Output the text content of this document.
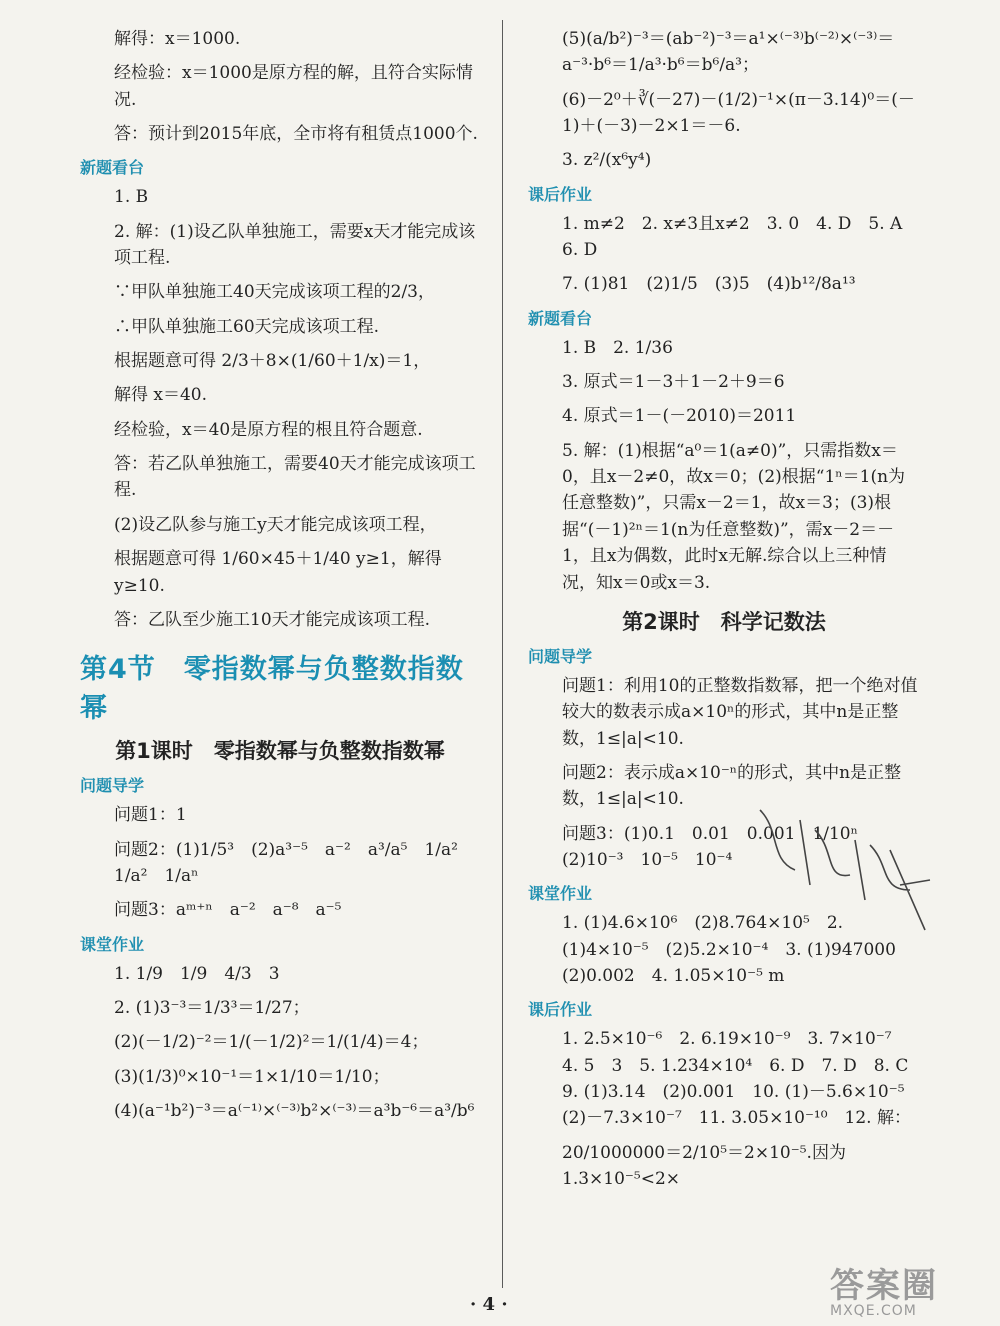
解得：x＝1000.
经检验：x＝1000是原方程的解，且符合实际情况.
答：预计到2015年底，全市将有租赁点1000个.
新题看台
1. B
2. 解：(1)设乙队单独施工，需要x天才能完成该项工程.
∵甲队单独施工40天完成该项工程的2/3，
∴甲队单独施工60天完成该项工程.
根据题意可得 2/3＋8×(1/60＋1/x)＝1，
解得 x＝40.
经检验，x＝40是原方程的根且符合题意.
答：若乙队单独施工，需要40天才能完成该项工程.
(2)设乙队参与施工y天才能完成该项工程，
根据题意可得 1/60×45＋1/40 y≥1，解得 y≥10.
答：乙队至少施工10天才能完成该项工程.
第4节　零指数幂与负整数指数幂
第1课时　零指数幂与负整数指数幂
问题导学
问题1：1
问题2：(1)1/5³　(2)a³⁻⁵　a⁻²　a³/a⁵　1/a²　1/a²　1/aⁿ
问题3：aᵐ⁺ⁿ　a⁻²　a⁻⁸　a⁻⁵
课堂作业
1. 1/9　1/9　4/3　3
2. (1)3⁻³＝1/3³＝1/27；
(2)(－1/2)⁻²＝1/(－1/2)²＝1/(1/4)＝4；
(3)(1/3)⁰×10⁻¹＝1×1/10＝1/10；
(4)(a⁻¹b²)⁻³＝a⁽⁻¹⁾×⁽⁻³⁾b²×⁽⁻³⁾＝a³b⁻⁶＝a³/b⁶
(5)(a/b²)⁻³＝(ab⁻²)⁻³＝a¹×⁽⁻³⁾b⁽⁻²⁾×⁽⁻³⁾＝a⁻³·b⁶＝1/a³·b⁶＝b⁶/a³；
(6)－2⁰＋∛(－27)－(1/2)⁻¹×(π－3.14)⁰＝(－1)＋(－3)－2×1＝－6.
3. z²/(x⁶y⁴)
课后作业
1. m≠2　2. x≠3且x≠2　3. 0　4. D　5. A　6. D
7. (1)81　(2)1/5　(3)5　(4)b¹²/8a¹³
新题看台
1. B　2. 1/36
3. 原式＝1－3＋1－2＋9＝6
4. 原式＝1－(－2010)＝2011
5. 解：(1)根据“a⁰＝1(a≠0)”，只需指数x＝0，且x－2≠0，故x＝0；(2)根据“1ⁿ＝1(n为任意整数)”，只需x－2＝1，故x＝3；(3)根据“(－1)²ⁿ＝1(n为任意整数)”，需x－2＝－1，且x为偶数，此时x无解.综合以上三种情况，知x＝0或x＝3.
第2课时　科学记数法
问题导学
问题1：利用10的正整数指数幂，把一个绝对值较大的数表示成a×10ⁿ的形式，其中n是正整数，1≤|a|<10.
问题2：表示成a×10⁻ⁿ的形式，其中n是正整数，1≤|a|<10.
问题3：(1)0.1　0.01　0.001　1/10ⁿ　(2)10⁻³　10⁻⁵　10⁻⁴
课堂作业
1. (1)4.6×10⁶　(2)8.764×10⁵　2. (1)4×10⁻⁵　(2)5.2×10⁻⁴　3. (1)947000　(2)0.002　4. 1.05×10⁻⁵ m
课后作业
1. 2.5×10⁻⁶　2. 6.19×10⁻⁹　3. 7×10⁻⁷　4. 5　3　5. 1.234×10⁴　6. D　7. D　8. C　9. (1)3.14　(2)0.001　10. (1)－5.6×10⁻⁵　(2)－7.3×10⁻⁷　11. 3.05×10⁻¹⁰　12. 解：
20/1000000＝2/10⁵＝2×10⁻⁵.因为1.3×10⁻⁵<2×
· 4 ·	答案圈
MXQE.COM
